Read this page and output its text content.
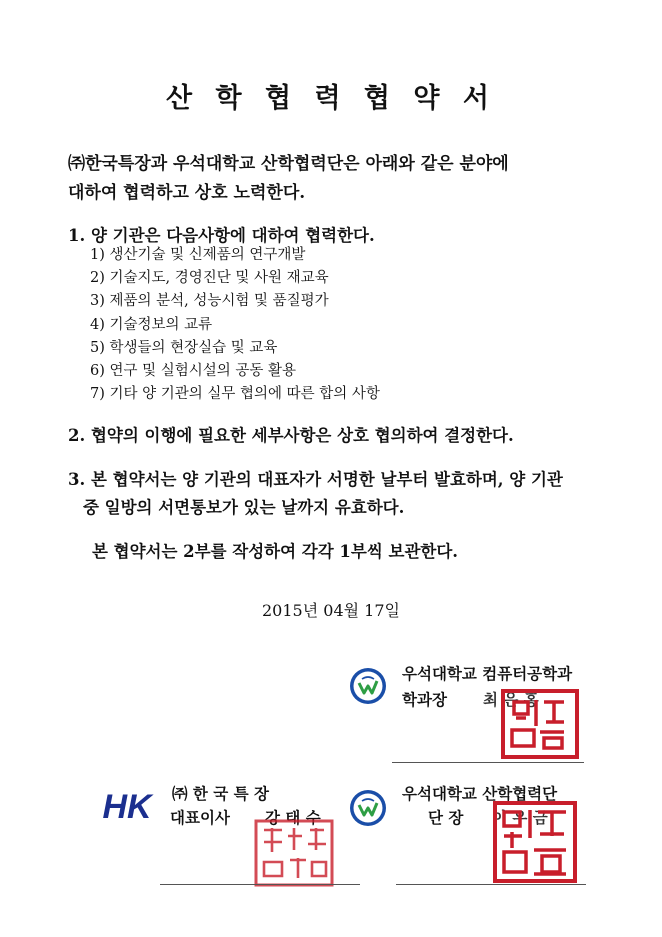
산 학 협 력 협 약 서
㈜한국특장과 우석대학교 산학협력단은 아래와 같은 분야에
대하여 협력하고 상호 노력한다.
1. 양 기관은 다음사항에 대하여 협력한다.
1) 생산기술 및 신제품의 연구개발
2) 기술지도, 경영진단 및 사원 재교육
3) 제품의 분석, 성능시험 및 품질평가
4) 기술정보의 교류
5) 학생들의 현장실습 및 교육
6) 연구 및 실험시설의 공동 활용
7) 기타 양 기관의 실무 협의에 따른 합의 사항
2. 협약의 이행에 필요한 세부사항은 상호 협의하여 결정한다.
3. 본 협약서는 양 기관의 대표자가 서명한 날부터 발효하며, 양 기관
중 일방의 서면통보가 있는 날까지 유효하다.
본 협약서는 2부를 작성하여 각각 1부씩 보관한다.
2015년 04월 17일
우석대학교 컴퓨터공학과
학과장 최 은 홍
HK ㈜ 한 국 특 장
대표이사 강 태 수
우석대학교 산학협력단
단 장 이 우 금
